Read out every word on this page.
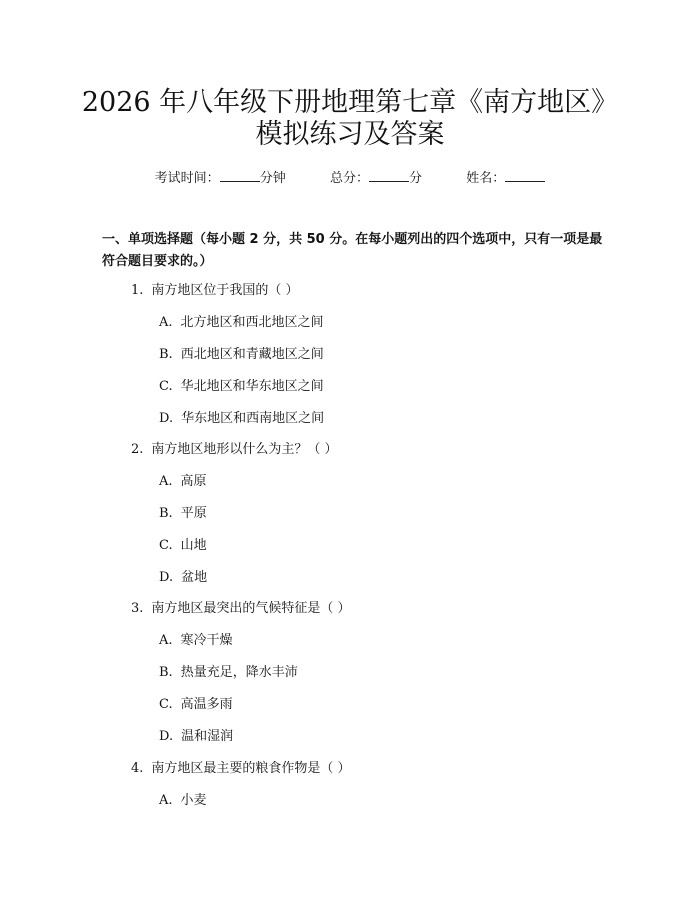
2026 年八年级下册地理第七章《南方地区》
模拟练习及答案
考试时间：	分钟	总分：	分	姓名：
一、单项选择题（每小题 2 分，共 50 分。在每小题列出的四个选项中，只有一项是最符合题目要求的。）
1. 南方地区位于我国的（ ）
A. 北方地区和西北地区之间
B. 西北地区和青藏地区之间
C. 华北地区和华东地区之间
D. 华东地区和西南地区之间
2. 南方地区地形以什么为主？（ ）
A. 高原
B. 平原
C. 山地
D. 盆地
3. 南方地区最突出的气候特征是（ ）
A. 寒冷干燥
B. 热量充足，降水丰沛
C. 高温多雨
D. 温和湿润
4. 南方地区最主要的粮食作物是（ ）
A. 小麦
